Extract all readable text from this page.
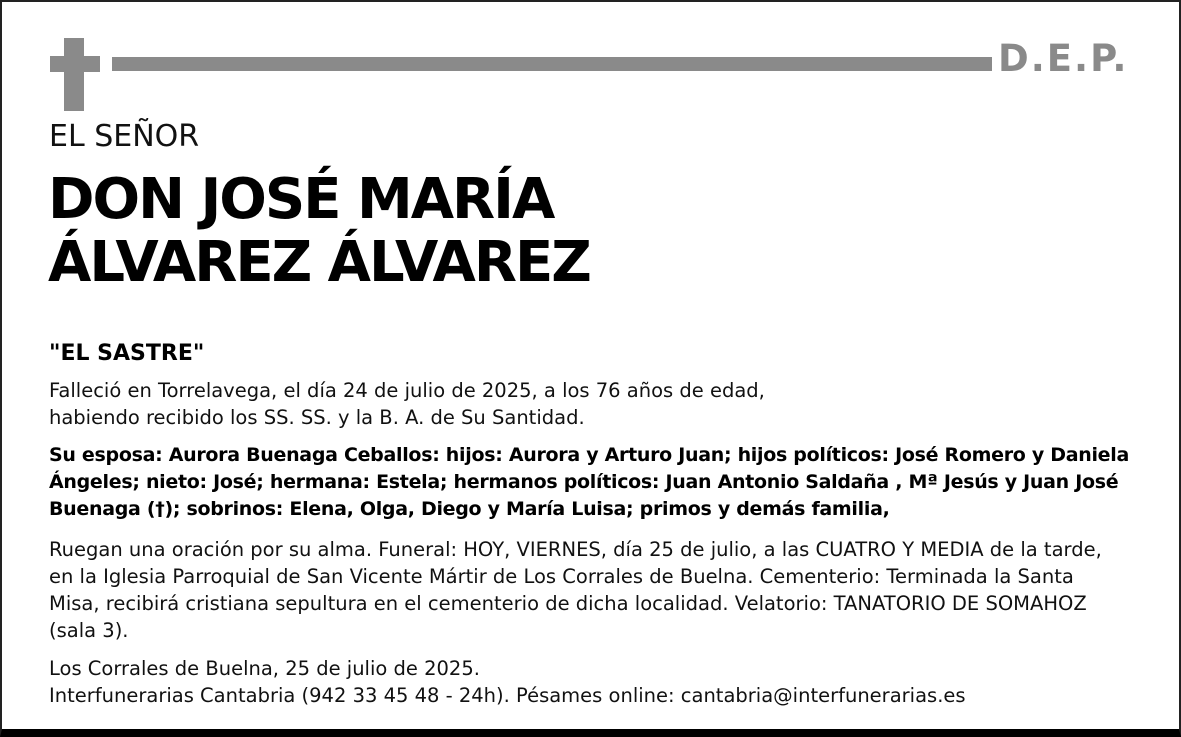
D.E.P.
EL SEÑOR
DON JOSÉ MARÍA
ÁLVAREZ ÁLVAREZ
"EL SASTRE"
Falleció en Torrelavega, el día 24 de julio de 2025, a los 76 años de edad,
habiendo recibido los SS. SS. y la B. A. de Su Santidad.
Su esposa: Aurora Buenaga Ceballos: hijos: Aurora y Arturo Juan; hijos políticos: José Romero y Daniela
Ángeles; nieto: José; hermana: Estela; hermanos políticos: Juan Antonio Saldaña , Mª Jesús y Juan José
Buenaga (†); sobrinos: Elena, Olga, Diego y María Luisa; primos y demás familia,
Ruegan una oración por su alma. Funeral: HOY, VIERNES, día 25 de julio, a las CUATRO Y MEDIA de la tarde,
en la Iglesia Parroquial de San Vicente Mártir de Los Corrales de Buelna. Cementerio: Terminada la Santa
Misa, recibirá cristiana sepultura en el cementerio de dicha localidad. Velatorio: TANATORIO DE SOMAHOZ
(sala 3).
Los Corrales de Buelna, 25 de julio de 2025.
Interfunerarias Cantabria (942 33 45 48 - 24h). Pésames online: cantabria@interfunerarias.es
